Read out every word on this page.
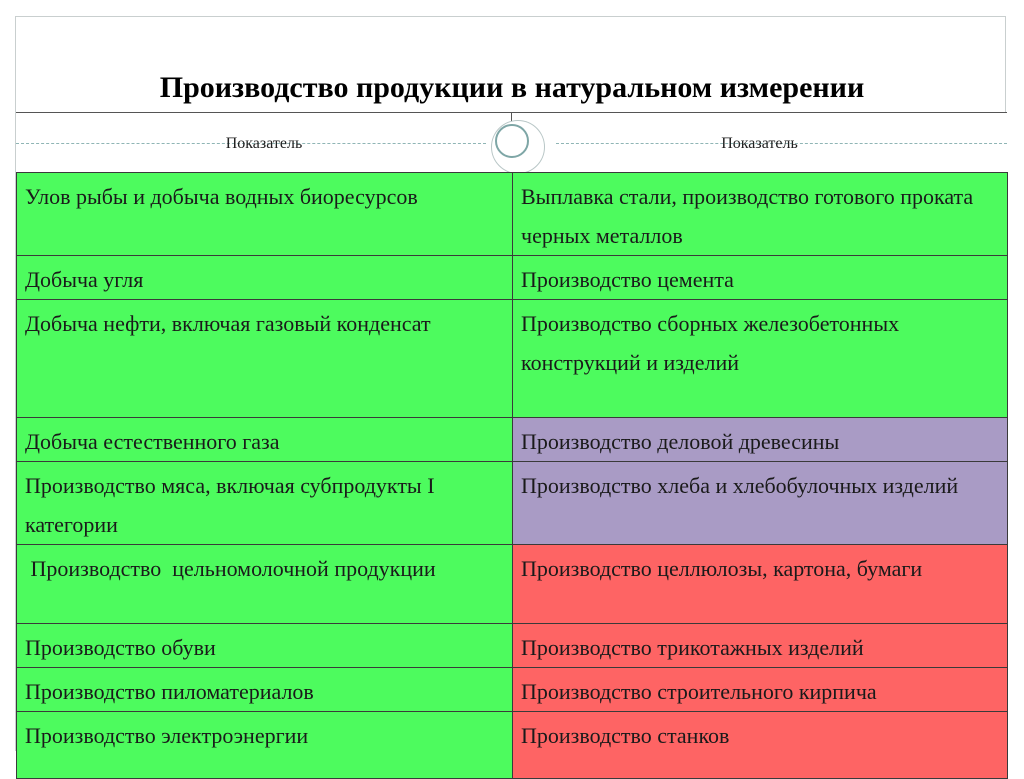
Производство продукции в натуральном измерении
Показатель	Показатель
Улов рыбы и добыча водных биоресурсов	Выплавка стали, производство готового проката черных металлов
Добыча угля	Производство цемента
Добыча нефти, включая газовый конденсат	Производство сборных железобетонных конструкций и изделий
Добыча естественного газа	Производство деловой древесины
Производство мяса, включая субпродукты I категории	Производство хлеба и хлебобулочных изделий
Производство  цельномолочной продукции	Производство целлюлозы, картона, бумаги
Производство обуви	Производство трикотажных изделий
Производство пиломатериалов	Производство строительного кирпича
Производство электроэнергии	Производство станков
